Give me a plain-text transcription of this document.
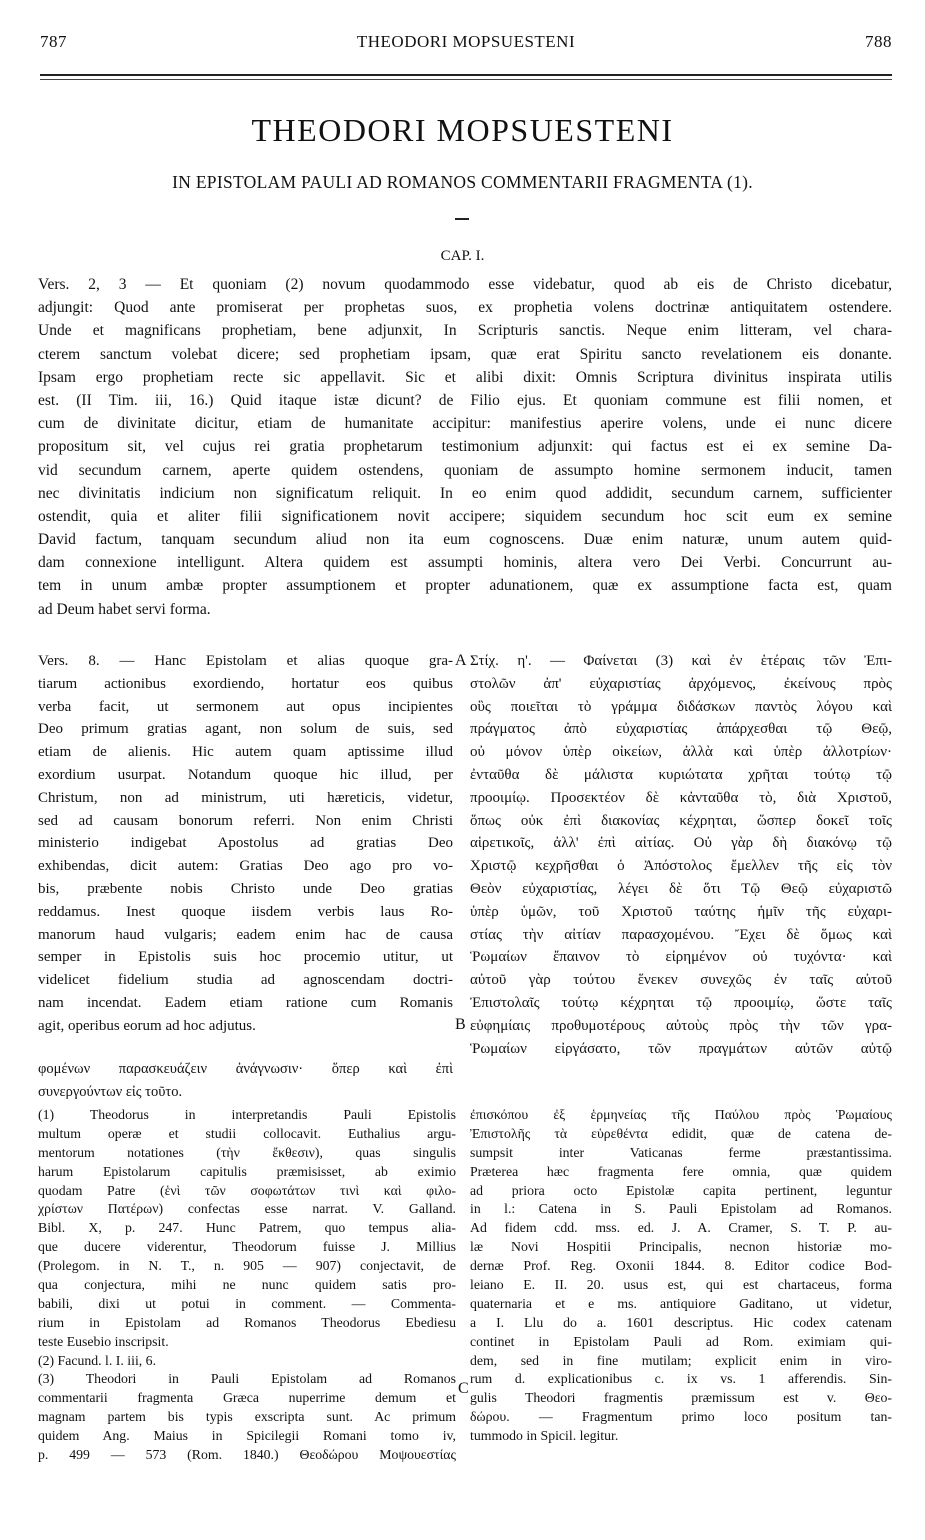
787	THEODORI MOPSUESTENI	788
THEODORI MOPSUESTENI
IN EPISTOLAM PAULI AD ROMANOS COMMENTARII FRAGMENTA (1).
CAP. I.
Vers. 2, 3 — Et quoniam (2) novum quodammodo esse videbatur, quod ab eis de Christo dicebatur,
adjungit: Quod ante promiserat per prophetas suos, ex prophetia volens doctrinæ antiquitatem ostendere.
Unde et magnificans prophetiam, bene adjunxit, In Scripturis sanctis. Neque enim litteram, vel chara-
cterem sanctum volebat dicere; sed prophetiam ipsam, quæ erat Spiritu sancto revelationem eis donante.
Ipsam ergo prophetiam recte sic appellavit. Sic et alibi dixit: Omnis Scriptura divinitus inspirata utilis
est. (II Tim. iii, 16.) Quid itaque istæ dicunt? de Filio ejus. Et quoniam commune est filii nomen, et
cum de divinitate dicitur, etiam de humanitate accipitur: manifestius aperire volens, unde ei nunc dicere
propositum sit, vel cujus rei gratia prophetarum testimonium adjunxit: qui factus est ei ex semine Da-
vid secundum carnem, aperte quidem ostendens, quoniam de assumpto homine sermonem inducit, tamen
nec divinitatis indicium non significatum reliquit. In eo enim quod addidit, secundum carnem, sufficienter
ostendit, quia et aliter filii significationem novit accipere; siquidem secundum hoc scit eum ex semine
David factum, tanquam secundum aliud non ita eum cognoscens. Duæ enim naturæ, unum autem quid-
dam connexione intelligunt. Altera quidem est assumpti hominis, altera vero Dei Verbi. Concurrunt au-
tem in unum ambæ propter assumptionem et propter adunationem, quæ ex assumptione facta est, quam
ad Deum habet servi forma.
Vers. 8. — Hanc Epistolam et alias quoque gra-
tiarum actionibus exordiendo, hortatur eos quibus
verba facit, ut sermonem aut opus incipientes
Deo primum gratias agant, non solum de suis, sed
etiam de alienis. Hic autem quam aptissime illud
exordium usurpat. Notandum quoque hic illud, per
Christum, non ad ministrum, uti hæreticis, videtur,
sed ad causam bonorum referri. Non enim Christi
ministerio indigebat Apostolus ad gratias Deo
exhibendas, dicit autem: Gratias Deo ago pro vo-
bis, præbente nobis Christo unde Deo gratias
reddamus. Inest quoque iisdem verbis laus Ro-
manorum haud vulgaris; eadem enim hac de causa
semper in Epistolis suis hoc procemio utitur, ut
videlicet fidelium studia ad agnoscendam doctri-
nam incendat. Eadem etiam ratione cum Romanis
agit, operibus eorum ad hoc adjutus.
φομένων παρασκευάζειν ἀνάγνωσιν· ὅπερ καὶ ἐπὶ
συνεργούντων εἰς τοῦτο.
A
B
C
Στίχ. η'. — Φαίνεται (3) καὶ ἐν ἑτέραις τῶν Ἐπι-
στολῶν ἀπ' εὐχαριστίας ἀρχόμενος, ἐκείνους πρὸς
οὓς ποιεῖται τὸ γράμμα διδάσκων παντὸς λόγου καὶ
πράγματος ἀπὸ εὐχαριστίας ἀπάρχεσθαι τῷ Θεῷ,
οὐ μόνον ὑπὲρ οἰκείων, ἀλλὰ καὶ ὑπὲρ ἀλλοτρίων·
ἐνταῦθα δὲ μάλιστα κυριώτατα χρῆται τούτῳ τῷ
προοιμίῳ. Προσεκτέον δὲ κἀνταῦθα τὸ, διὰ Χριστοῦ,
ὅπως οὐκ ἐπὶ διακονίας κέχρηται, ὥσπερ δοκεῖ τοῖς
αἱρετικοῖς, ἀλλ' ἐπὶ αἰτίας. Οὐ γὰρ δὴ διακόνῳ τῷ
Χριστῷ κεχρῆσθαι ὁ Ἀπόστολος ἔμελλεν τῆς εἰς τὸν
Θεὸν εὐχαριστίας, λέγει δὲ ὅτι Τῷ Θεῷ εὐχαριστῶ
ὑπὲρ ὑμῶν, τοῦ Χριστοῦ ταύτης ἡμῖν τῆς εὐχαρι-
στίας τὴν αἰτίαν παρασχομένου. Ἔχει δὲ ὅμως καὶ
Ῥωμαίων ἔπαινον τὸ εἰρημένον οὐ τυχόντα· καὶ
αὐτοῦ γὰρ τούτου ἕνεκεν συνεχῶς ἐν ταῖς αὐτοῦ
Ἐπιστολαῖς τούτῳ κέχρηται τῷ προοιμίῳ, ὥστε ταῖς
εὐφημίαις προθυμοτέρους αὐτοὺς πρὸς τὴν τῶν γρα-
Ῥωμαίων εἰργάσατο, τῶν πραγμάτων αὐτῶν αὐτῷ
(1) Theodorus in interpretandis Pauli Epistolis
multum operæ et studii collocavit. Euthalius argu-
mentorum notationes (τὴν ἔκθεσιν), quas singulis
harum Epistolarum capitulis præmisisset, ab eximio
quodam Patre (ἑνὶ τῶν σοφωτάτων τινὶ καὶ φιλο-
χρίστων Πατέρων) confectas esse narrat. V. Galland.
Bibl. X, p. 247. Hunc Patrem, quo tempus alia-
que ducere viderentur, Theodorum fuisse J. Millius
(Prolegom. in N. T., n. 905 — 907) conjectavit, de
qua conjectura, mihi ne nunc quidem satis pro-
babili, dixi ut potui in comment. — Commenta-
rium in Epistolam ad Romanos Theodorus Ebediesu
teste Eusebio inscripsit.
(2) Facund. l. I. iii, 6.
(3) Theodori in Pauli Epistolam ad Romanos
commentarii fragmenta Græca nuperrime demum et
magnam partem bis typis exscripta sunt. Ac primum
quidem Ang. Maius in Spicilegii Romani tomo iv,
p. 499 — 573 (Rom. 1840.) Θεοδώρου Μοψουεστίας
ἐπισκόπου ἐξ ἑρμηνείας τῆς Παύλου πρὸς Ῥωμαίους
Ἐπιστολῆς τὰ εὑρεθέντα edidit, quæ de catena de-
sumpsit inter Vaticanas ferme præstantissima.
Præterea hæc fragmenta fere omnia, quæ quidem
ad priora octo Epistolæ capita pertinent, leguntur
in l.: Catena in S. Pauli Epistolam ad Romanos.
Ad fidem cdd. mss. ed. J. A. Cramer, S. T. P. au-
læ Novi Hospitii Principalis, necnon historiæ mo-
dernæ Prof. Reg. Oxonii 1844. 8. Editor codice Bod-
leiano E. II. 20. usus est, qui est chartaceus, forma
quaternaria et e ms. antiquiore Gaditano, ut videtur,
a I. Llu do a. 1601 descriptus. Hic codex catenam
continet in Epistolam Pauli ad Rom. eximiam qui-
dem, sed in fine mutilam; explicit enim in viro-
rum d. explicationibus c. ix vs. 1 afferendis. Sin-
gulis Theodori fragmentis præmissum est v. Θεο-
δώρου. — Fragmentum primo loco positum tan-
tummodo in Spicil. legitur.
